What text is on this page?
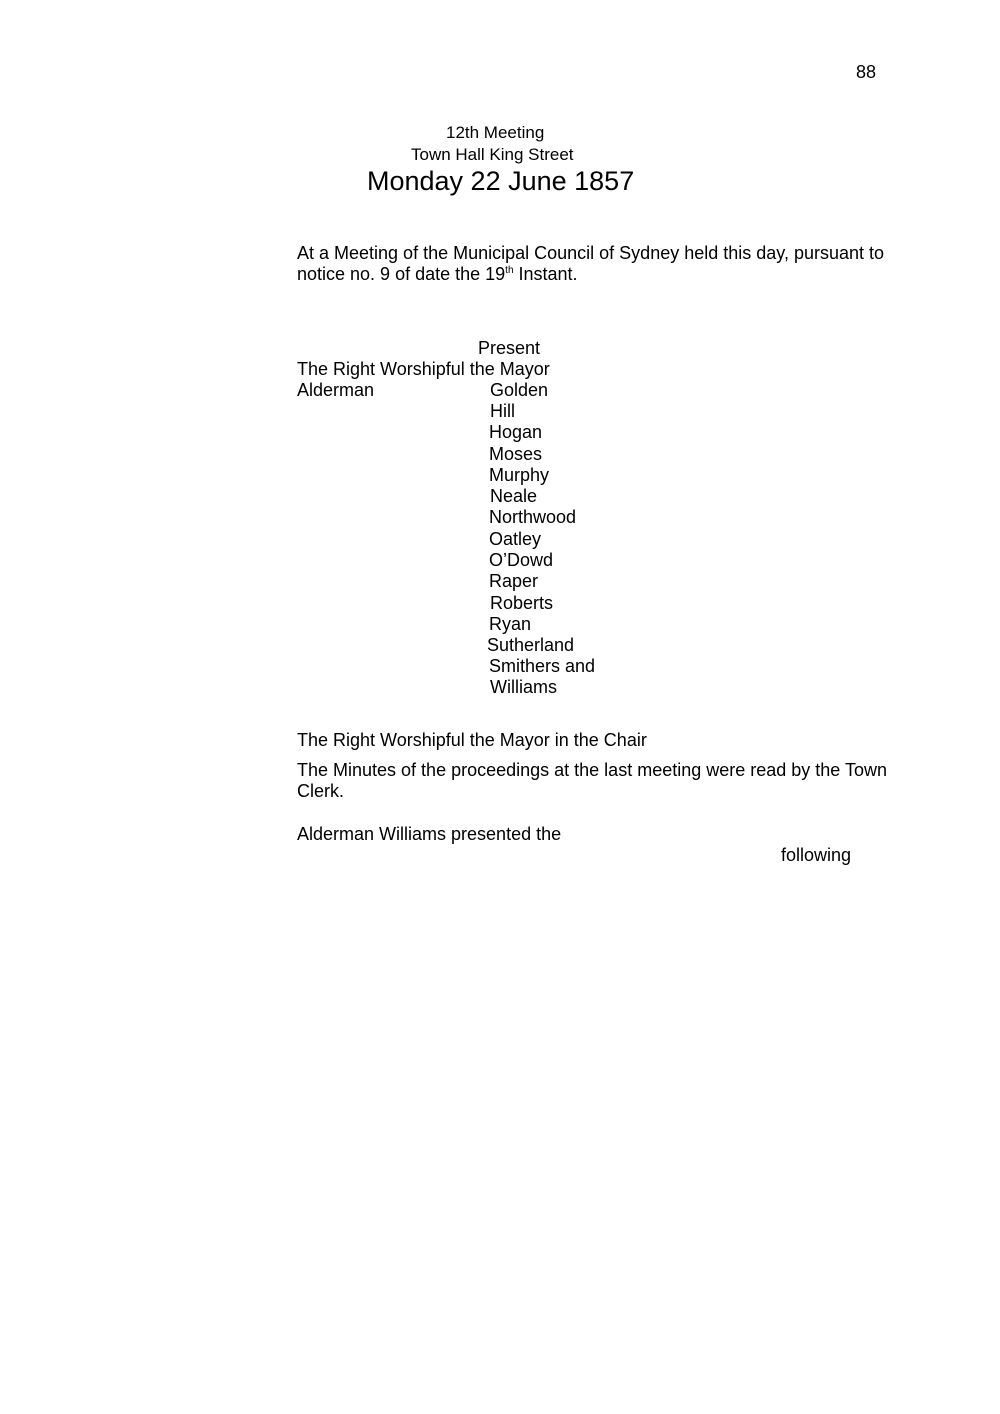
88
12th Meeting
Town Hall King Street
Monday 22 June 1857
At a Meeting of the Municipal Council of Sydney held this day, pursuant to
notice no. 9 of date the 19th Instant.
Present
The Right Worshipful the Mayor
Alderman	Golden
Hill
Hogan
Moses
Murphy
Neale
Northwood
Oatley
O’Dowd
Raper
Roberts
Ryan
Sutherland
Smithers and
Williams
The Right Worshipful the Mayor in the Chair
The Minutes of the proceedings at the last meeting were read by the Town
Clerk.
Alderman Williams presented the
following
